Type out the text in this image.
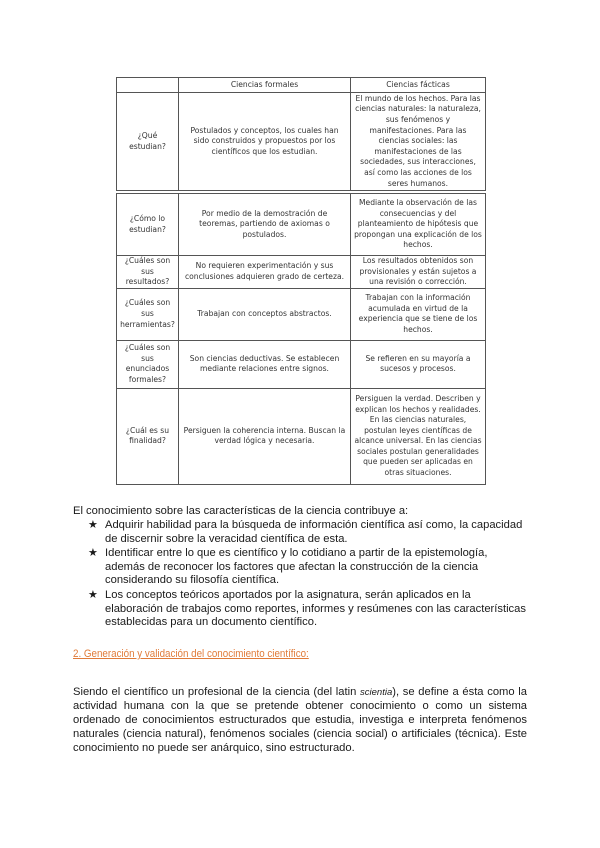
	Ciencias formales	Ciencias fácticas
¿Qué estudian?	Postulados y conceptos, los cuales han sido construidos y propuestos por los científicos que los estudian.	El mundo de los hechos. Para las ciencias naturales: la naturaleza, sus fenómenos y manifestaciones. Para las ciencias sociales: las manifestaciones de las sociedades, sus interacciones, así como las acciones de los seres humanos.
¿Cómo lo estudian?	Por medio de la demostración de teoremas, partiendo de axiomas o postulados.	Mediante la observación de las consecuencias y del planteamiento de hipótesis que propongan una explicación de los hechos.
¿Cuáles son sus resultados?	No requieren experimentación y sus conclusiones adquieren grado de certeza.	Los resultados obtenidos son provisionales y están sujetos a una revisión o corrección.
¿Cuáles son sus herramientas?	Trabajan con conceptos abstractos.	Trabajan con la información acumulada en virtud de la experiencia que se tiene de los hechos.
¿Cuáles son sus enunciados formales?	Son ciencias deductivas. Se establecen mediante relaciones entre signos.	Se refieren en su mayoría a sucesos y procesos.
¿Cuál es su finalidad?	Persiguen la coherencia interna. Buscan la verdad lógica y necesaria.	Persiguen la verdad. Describen y explican los hechos y realidades. En las ciencias naturales, postulan leyes científicas de alcance universal. En las ciencias sociales postulan generalidades que pueden ser aplicadas en otras situaciones.
El conocimiento sobre las características de la ciencia contribuye a:
★ Adquirir habilidad para la búsqueda de información científica así como, la capacidad de discernir sobre la veracidad científica de esta.
★ Identificar entre lo que es científico y lo cotidiano a partir de la epistemología, además de reconocer los factores que afectan la construcción de la ciencia considerando su filosofía científica.
★ Los conceptos teóricos aportados por la asignatura, serán aplicados en la elaboración de trabajos como reportes, informes y resúmenes con las características establecidas para un documento científico.
2. Generación y validación del conocimiento científico:

Siendo el científico un profesional de la ciencia (del latin scientia), se define a ésta como la actividad humana con la que se pretende obtener conocimiento o como un sistema ordenado de conocimientos estructurados que estudia, investiga e interpreta fenómenos naturales (ciencia natural), fenómenos sociales (ciencia social) o artificiales (técnica). Este conocimiento no puede ser anárquico, sino estructurado.
